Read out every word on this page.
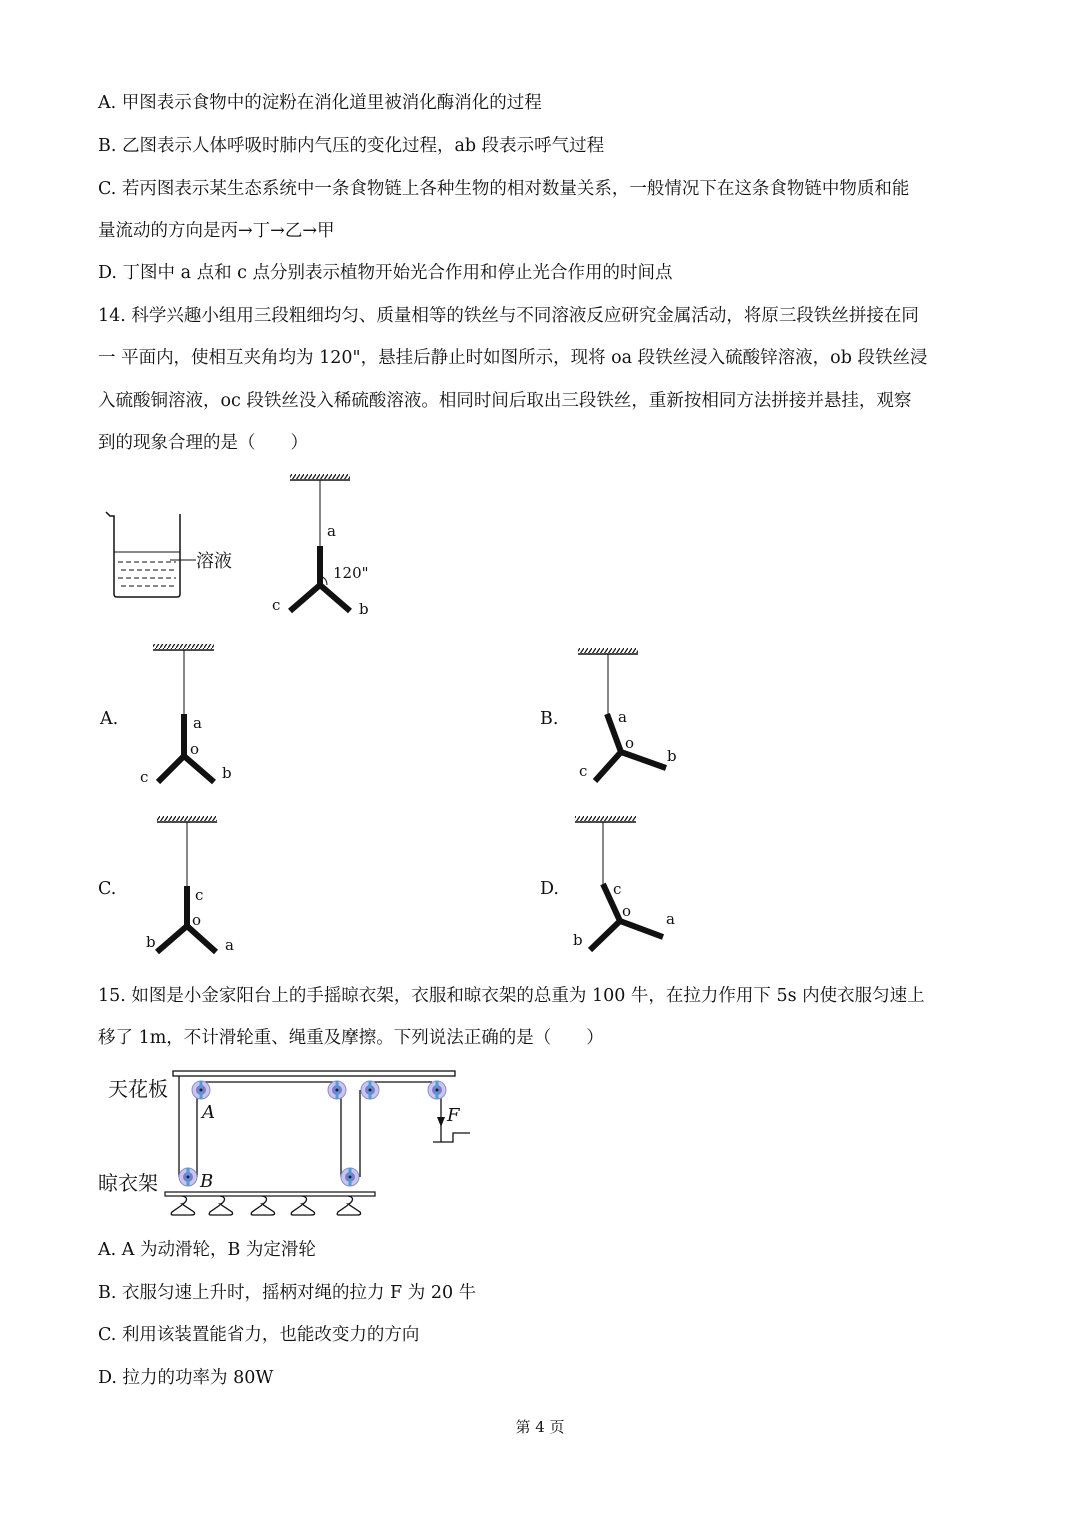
A. 甲图表示食物中的淀粉在消化道里被消化酶消化的过程
B. 乙图表示人体呼吸时肺内气压的变化过程，ab 段表示呼气过程
C. 若丙图表示某生态系统中一条食物链上各种生物的相对数量关系，一般情况下在这条食物链中物质和能
量流动的方向是丙→丁→乙→甲
D. 丁图中 a 点和 c 点分别表示植物开始光合作用和停止光合作用的时间点
14. 科学兴趣小组用三段粗细均匀、质量相等的铁丝与不同溶液反应研究金属活动，将原三段铁丝拼接在同
一 平面内，使相互夹角均为 120"，悬挂后静止时如图所示，现将 oa 段铁丝浸入硫酸锌溶液，ob 段铁丝浸
入硫酸铜溶液，oc 段铁丝没入稀硫酸溶液。相同时间后取出三段铁丝，重新按相同方法拼接并悬挂，观察
到的现象合理的是（　　）
A.	B.
C.	D.
15. 如图是小金家阳台上的手摇晾衣架，衣服和晾衣架的总重为 100 牛，在拉力作用下 5s 内使衣服匀速上
移了 1m，不计滑轮重、绳重及摩擦。下列说法正确的是（　　）
A. A 为动滑轮，B 为定滑轮
B. 衣服匀速上升时，摇柄对绳的拉力 F 为 20 牛
C. 利用该装置能省力，也能改变力的方向
D. 拉力的功率为 80W
第 4 页
溶液
a
120"
c	b
a
o
c	b
a
o
c
b
c
o
b	a
c
o
b
a
天花板
晾衣架
F
A
B
